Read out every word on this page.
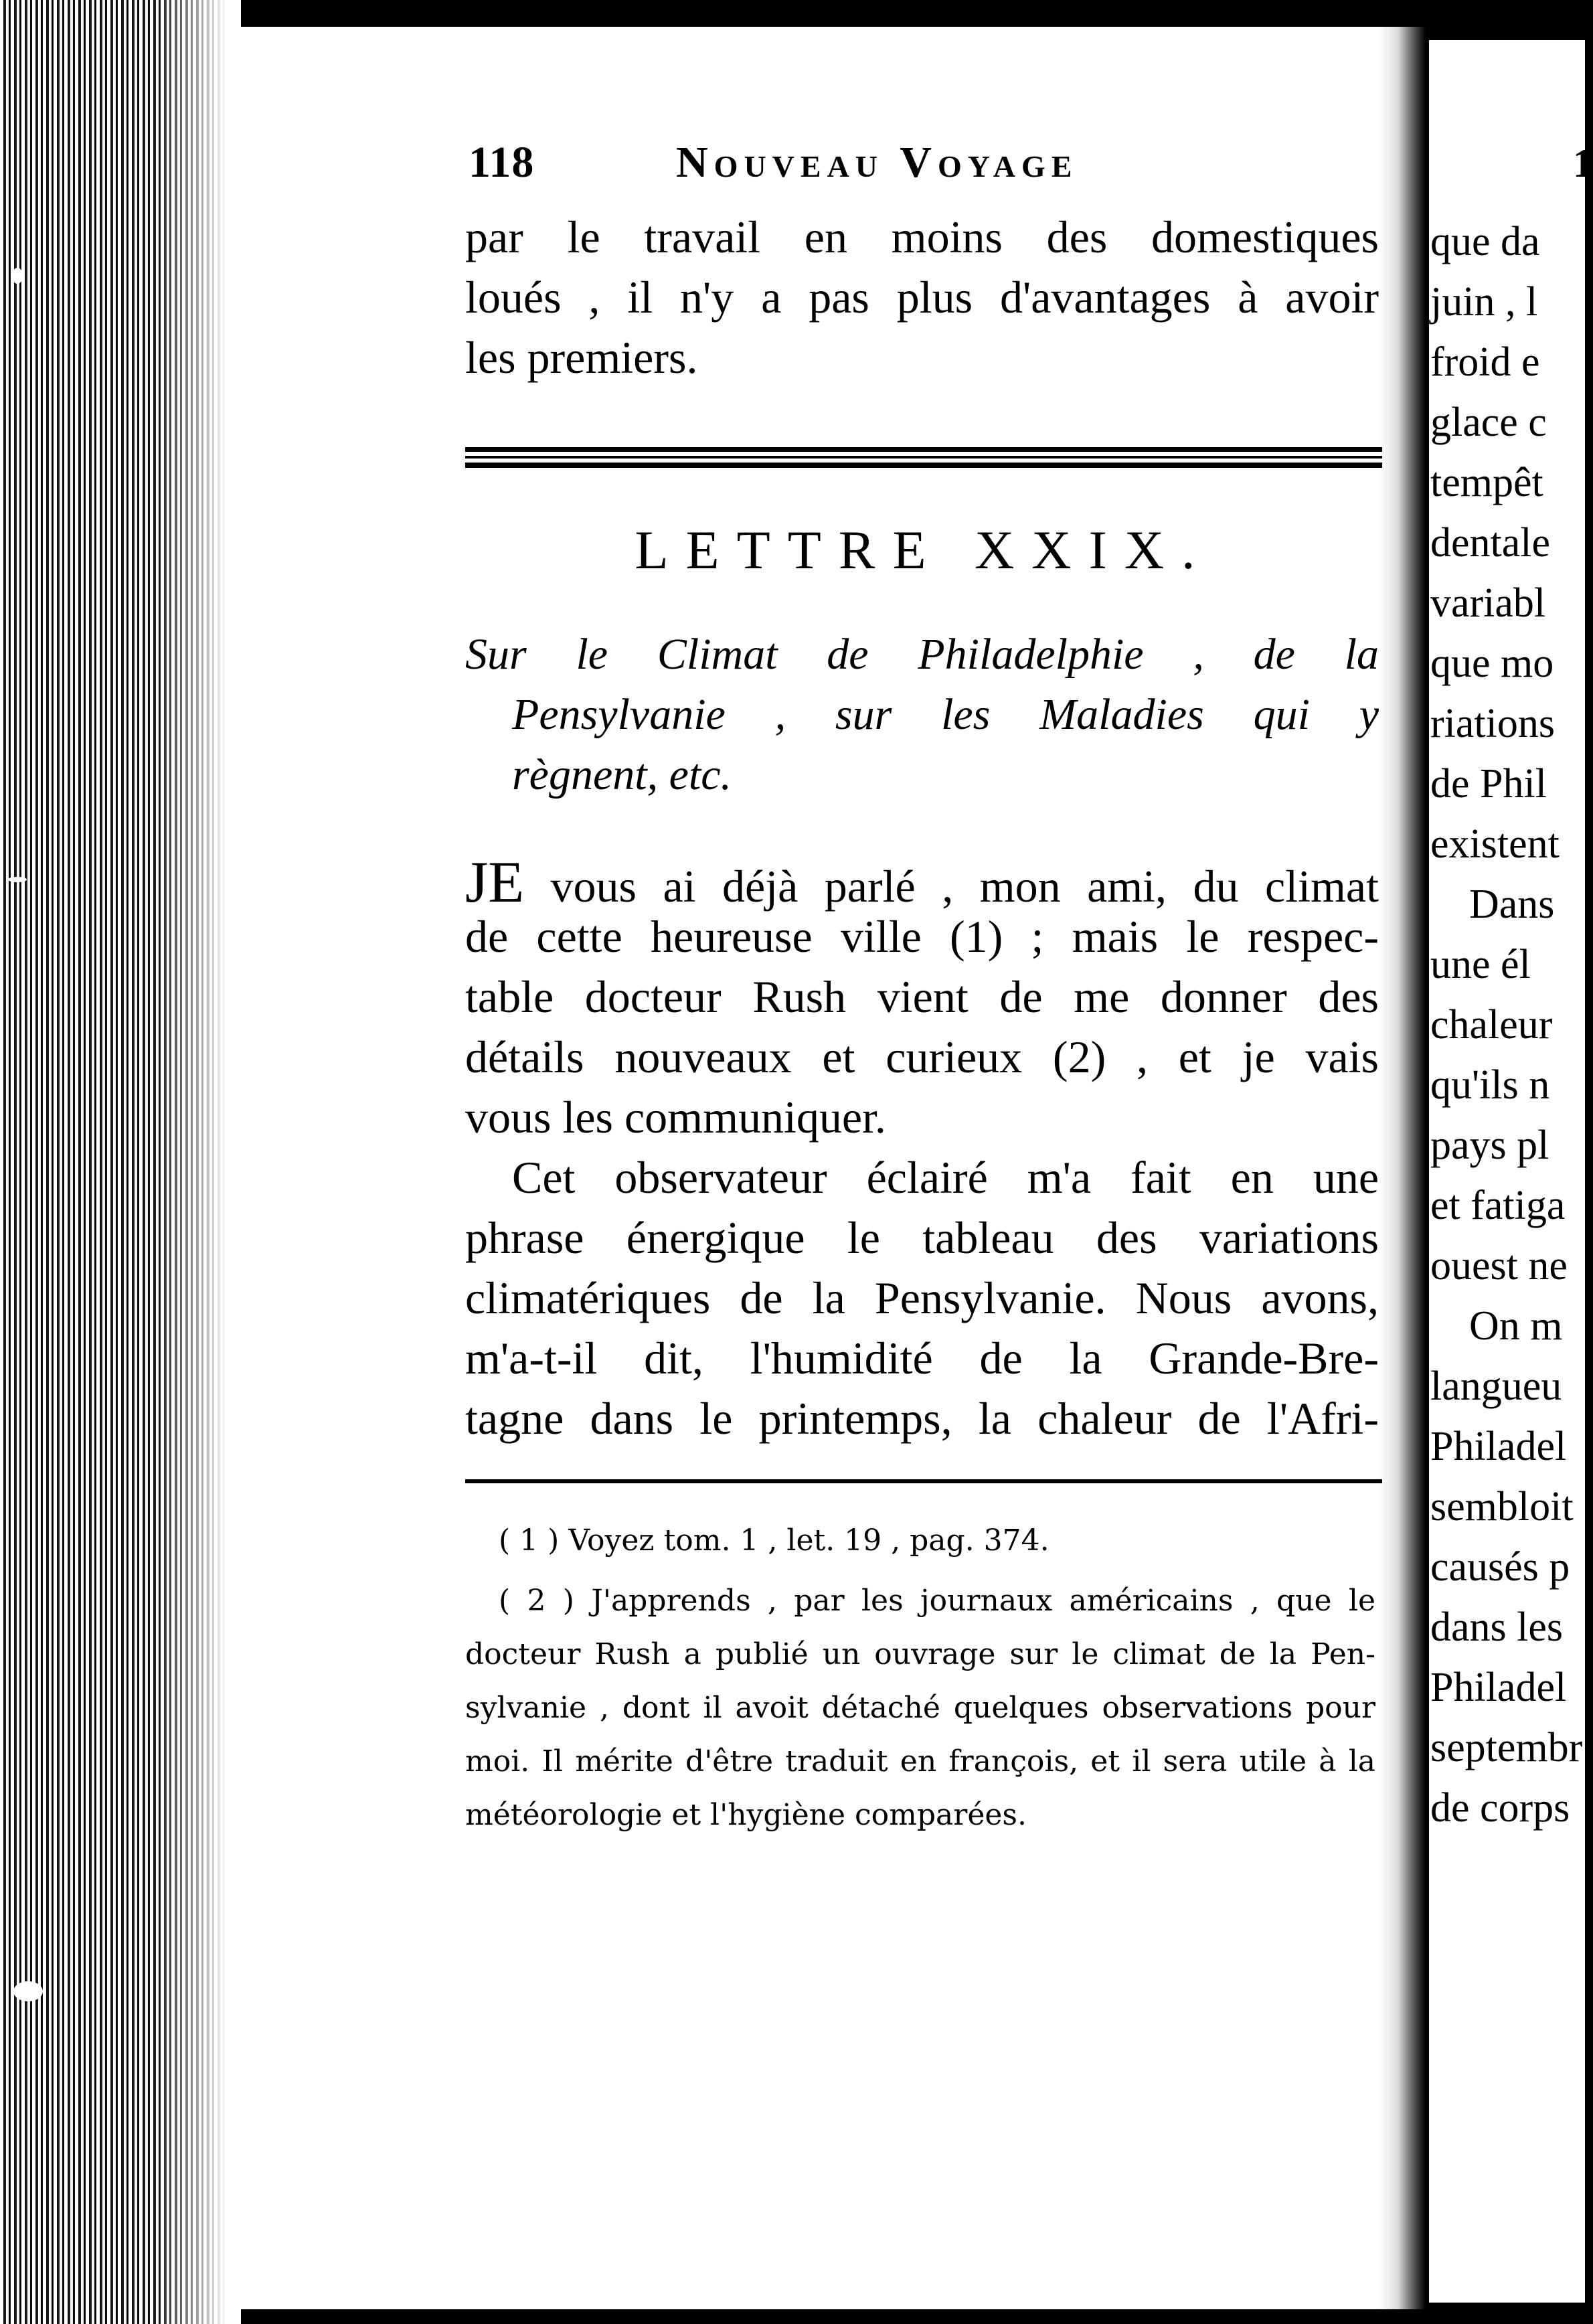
118	Nouveau Voyage
par le travail en moins des domestiques
loués , il n'y a pas plus d'avantages à avoir
les premiers.
LETTRE XXIX.
Sur le Climat de Philadelphie , de la
Pensylvanie , sur les Maladies qui y
règnent, etc.
JE vous ai déjà parlé , mon ami, du climat
de cette heureuse ville (1) ; mais le respec-
table docteur Rush vient de me donner des
détails nouveaux et curieux (2) , et je vais
vous les communiquer.
Cet observateur éclairé m'a fait en une
phrase énergique le tableau des variations
climatériques de la Pensylvanie. Nous avons,
m'a-t-il dit, l'humidité de la Grande-Bre-
tagne dans le printemps, la chaleur de l'Afri-
( 1 ) Voyez tom. 1 , let. 19 , pag. 374.
( 2 ) J'apprends , par les journaux américains , que le
docteur Rush a publié un ouvrage sur le climat de la Pen-
sylvanie , dont il avoit détaché quelques observations pour
moi. Il mérite d'être traduit en françois, et il sera utile à la
météorologie et l'hygiène comparées.
1
que da
juin , l
froid e
glace c
tempêt
dentale
variabl
que mo
riations
de Phil
existent
Dans
une él
chaleur
qu'ils n
pays pl
et fatiga
ouest ne
On m
langueu
Philadel
sembloit
causés p
dans les
Philadel
septembr
de corps
